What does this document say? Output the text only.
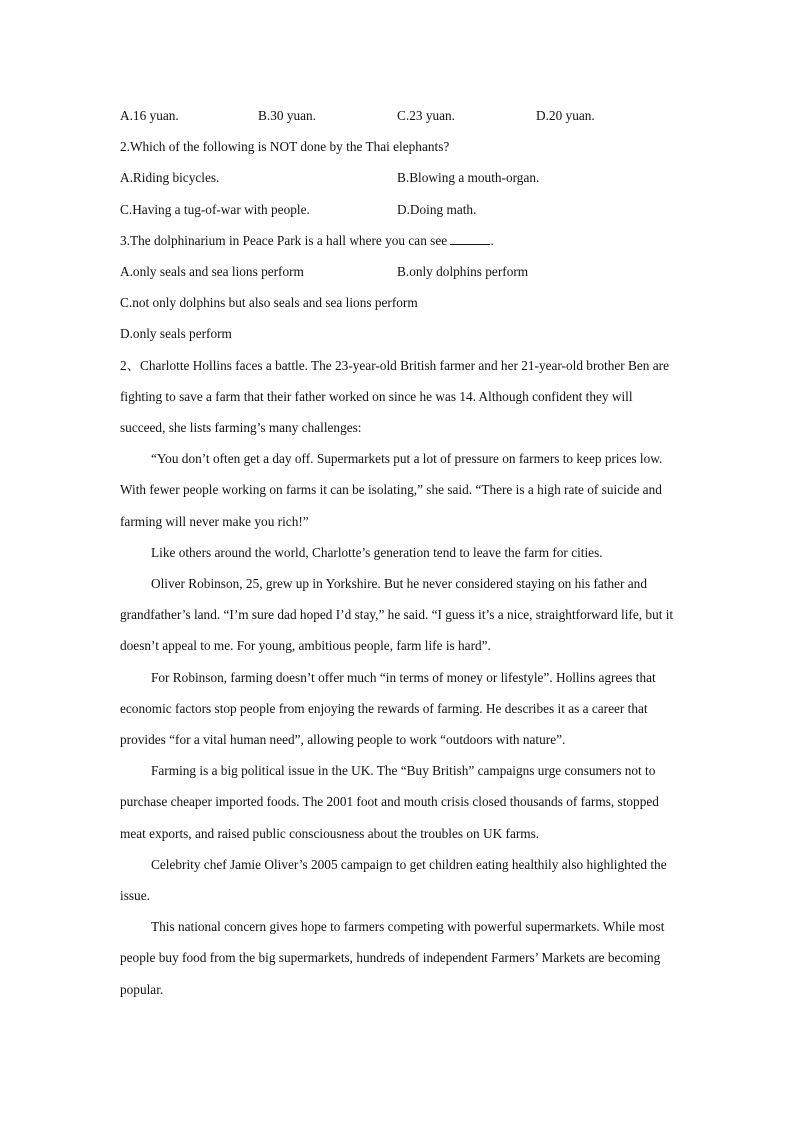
A.16 yuan.	B.30 yuan.	C.23 yuan.	D.20 yuan.

2.Which of the following is NOT done by the Thai elephants?

A.Riding bicycles.	B.Blowing a mouth-organ.
C.Having a tug-of-war with people.	D.Doing math.

3.The dolphinarium in Peace Park is a hall where you can see	.

A.only seals and sea lions perform	B.only dolphins perform

C.not only dolphins but also seals and sea lions perform

D.only seals perform

2、Charlotte Hollins faces a battle. The 23-year-old British farmer and her 21-year-old brother Ben are fighting to save a farm that their father worked on since he was 14. Although confident they will succeed, she lists farming’s many challenges:

“You don’t often get a day off. Supermarkets put a lot of pressure on farmers to keep prices low. With fewer people working on farms it can be isolating,” she said. “There is a high rate of suicide and farming will never make you rich!”

Like others around the world, Charlotte’s generation tend to leave the farm for cities.

Oliver Robinson, 25, grew up in Yorkshire. But he never considered staying on his father and grandfather’s land. “I’m sure dad hoped I’d stay,” he said. “I guess it’s a nice, straightforward life, but it doesn’t appeal to me. For young, ambitious people, farm life is hard”.

For Robinson, farming doesn’t offer much “in terms of money or lifestyle”. Hollins agrees that economic factors stop people from enjoying the rewards of farming. He describes it as a career that provides “for a vital human need”, allowing people to work “outdoors with nature”.

Farming is a big political issue in the UK. The “Buy British” campaigns urge consumers not to purchase cheaper imported foods. The 2001 foot and mouth crisis closed thousands of farms, stopped meat exports, and raised public consciousness about the troubles on UK farms.

Celebrity chef Jamie Oliver’s 2005 campaign to get children eating healthily also highlighted the issue.

This national concern gives hope to farmers competing with powerful supermarkets. While most people buy food from the big supermarkets, hundreds of independent Farmers’ Markets are becoming popular.
